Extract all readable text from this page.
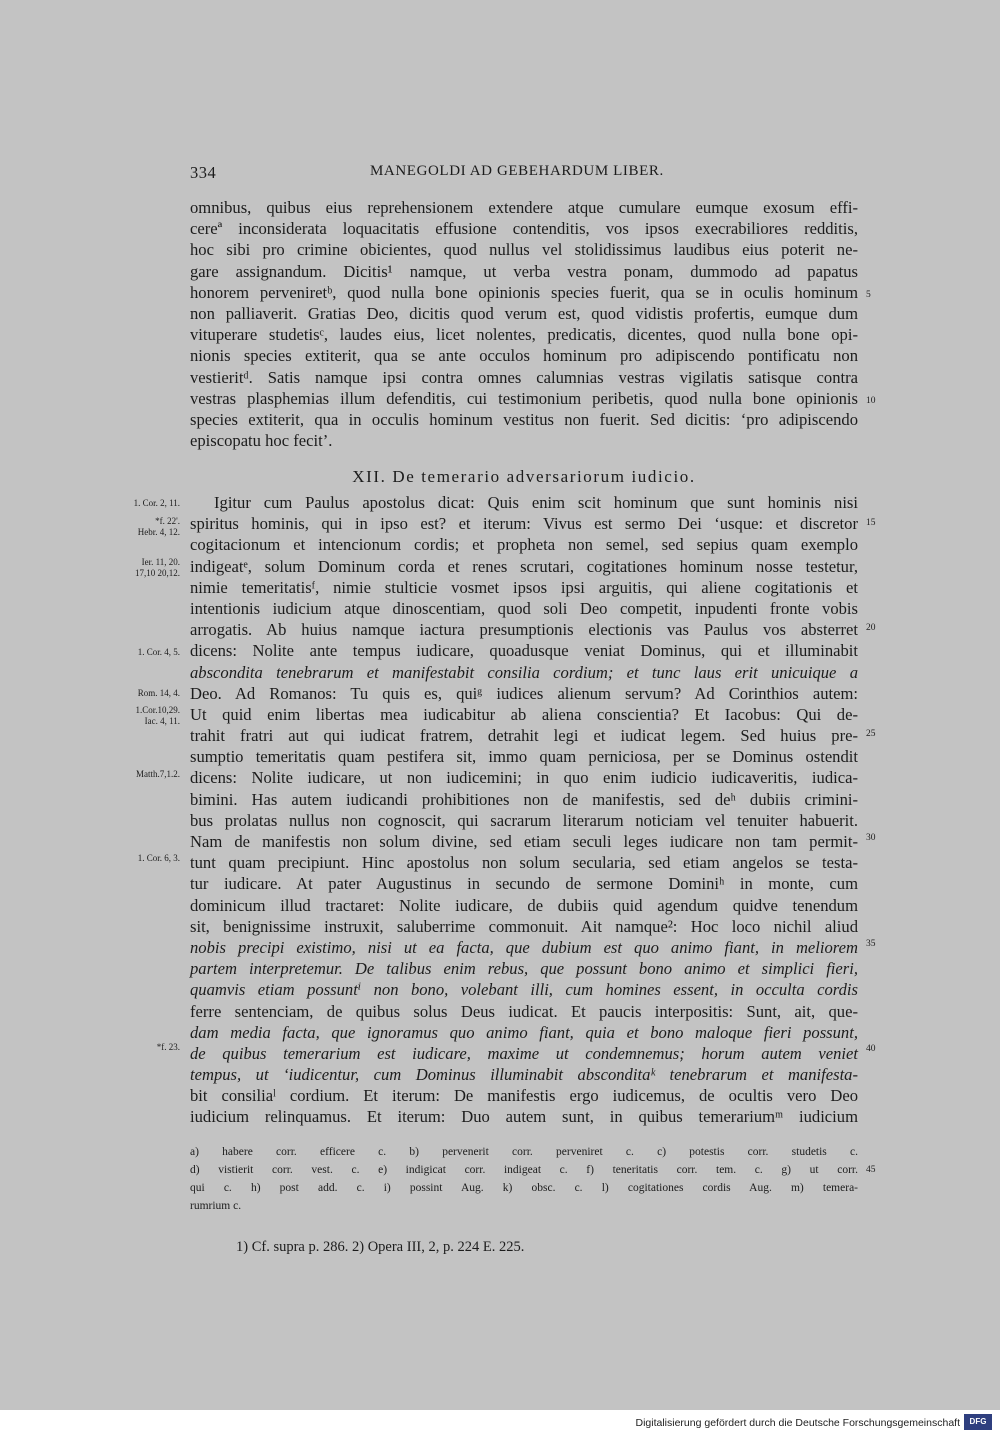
334	MANEGOLDI AD GEBEHARDUM LIBER.
omnibus, quibus eius reprehensionem extendere atque cumulare eumque exosum effi-
cereª inconsiderata loquacitatis effusione contenditis, vos ipsos execrabiliores redditis,
hoc sibi pro crimine obicientes, quod nullus vel stolidissimus laudibus eius poterit ne-
gare assignandum. Dicitis¹ namque, ut verba vestra ponam, dummodo ad papatus
honorem perveniretᵇ, quod nulla bone opinionis species fuerit, qua se in oculis hominum
non palliaverit. Gratias Deo, dicitis quod verum est, quod vidistis profertis, eumque dum
vituperare studetisᶜ, laudes eius, licet nolentes, predicatis, dicentes, quod nulla bone opi-
nionis species extiterit, qua se ante occulos hominum pro adipiscendo pontificatu non
vestieritᵈ. Satis namque ipsi contra omnes calumnias vestras vigilatis satisque contra
vestras plasphemias illum defenditis, cui testimonium peribetis, quod nulla bone opinionis
species extiterit, qua in occulis hominum vestitus non fuerit. Sed dicitis: ‘pro adipiscendo
episcopatu hoc fecit’.
XII. De temerario adversariorum iudicio.
Igitur cum Paulus apostolus dicat: Quis enim scit hominum que sunt hominis nisi
spiritus hominis, qui in ipso est? et iterum: Vivus est sermo Dei ‘usque: et discretor
cogitacionum et intencionum cordis; et propheta non semel, sed sepius quam exemplo
indigeatᵉ, solum Dominum corda et renes scrutari, cogitationes hominum nosse testetur,
nimie temeritatisᶠ, nimie stulticie vosmet ipsos ipsi arguitis, qui aliene cogitationis et
intentionis iudicium atque dinoscentiam, quod soli Deo competit, inpudenti fronte vobis
arrogatis. Ab huius namque iactura presumptionis electionis vas Paulus vos absterret
dicens: Nolite ante tempus iudicare, quoadusque veniat Dominus, qui et illuminabit
abscondita tenebrarum et manifestabit consilia cordium; et tunc laus erit unicuique a
Deo. Ad Romanos: Tu quis es, quiᵍ iudices alienum servum? Ad Corinthios autem:
Ut quid enim libertas mea iudicabitur ab aliena conscientia? Et Iacobus: Qui de-
trahit fratri aut qui iudicat fratrem, detrahit legi et iudicat legem. Sed huius pre-
sumptio temeritatis quam pestifera sit, immo quam perniciosa, per se Dominus ostendit
dicens: Nolite iudicare, ut non iudicemini; in quo enim iudicio iudicaveritis, iudica-
bimini. Has autem iudicandi prohibitiones non de manifestis, sed deʰ dubiis crimini-
bus prolatas nullus non cognoscit, qui sacrarum literarum noticiam vel tenuiter habuerit.
Nam de manifestis non solum divine, sed etiam seculi leges iudicare non tam permit-
tunt quam precipiunt. Hinc apostolus non solum secularia, sed etiam angelos se testa-
tur iudicare. At pater Augustinus in secundo de sermone Dominiʰ in monte, cum
dominicum illud tractaret: Nolite iudicare, de dubiis quid agendum quidve tenendum
sit, benignissime instruxit, saluberrime commonuit. Ait namque²: Hoc loco nichil aliud
nobis precipi existimo, nisi ut ea facta, que dubium est quo animo fiant, in meliorem
partem interpretemur. De talibus enim rebus, que possunt bono animo et simplici fieri,
quamvis etiam possuntⁱ non bono, volebant illi, cum homines essent, in occulta cordis
ferre sentenciam, de quibus solus Deus iudicat. Et paucis interpositis: Sunt, ait, que-
dam media facta, que ignoramus quo animo fiant, quia et bono maloque fieri possunt,
de quibus temerarium est iudicare, maxime ut condemnemus; horum autem veniet
tempus, ut ‘iudicentur, cum Dominus illuminabit absconditaᵏ tenebrarum et manifesta-
bit consiliaˡ cordium. Et iterum: De manifestis ergo iudicemus, de ocultis vero Deo
iudicium relinquamus. Et iterum: Duo autem sunt, in quibus temerariumᵐ iudicium
1. Cor. 2, 11.
*f. 22'.
Hebr. 4, 12.
Ier. 11, 20.
17,10 20,12.
1. Cor. 4, 5.
Rom. 14, 4.
1.Cor.10,29.
Iac. 4, 11.
Matth.7,1.2.
1. Cor. 6, 3.
*f. 23.
5
10
15
20
25
30
35
40
45
a) habere corr. efficere c. b) pervenerit corr. perveniret c. c) potestis corr. studetis c.
d) vistierit corr. vest. c. e) indigicat corr. indigeat c. f) teneritatis corr. tem. c. g) ut corr.
qui c. h) post add. c. i) possint Aug. k) obsc. c. l) cogitationes cordis Aug. m) temera-
rumrium c.
1) Cf. supra p. 286. 2) Opera III, 2, p. 224 E. 225.
Digitalisierung gefördert durch die Deutsche Forschungsgemeinschaft	DFG
